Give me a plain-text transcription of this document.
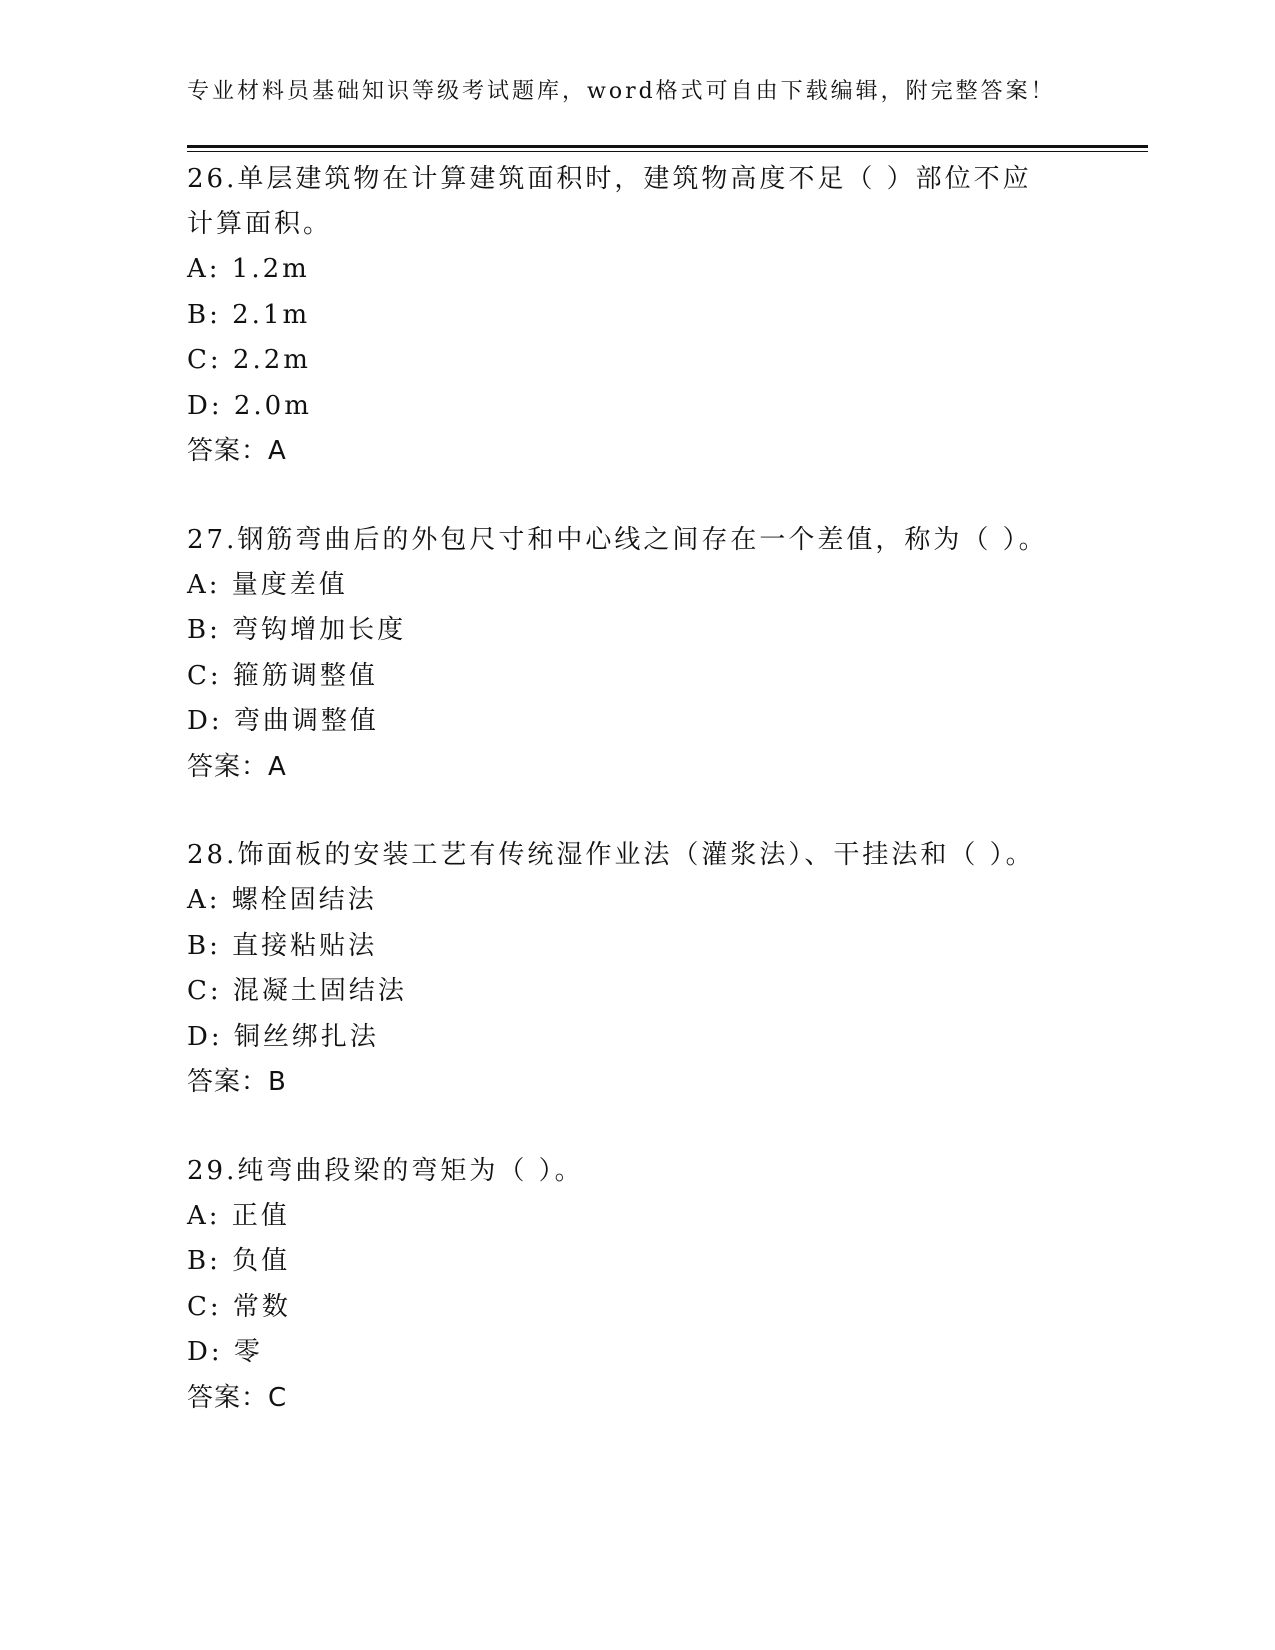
专业材料员基础知识等级考试题库，word格式可自由下载编辑，附完整答案！
26.单层建筑物在计算建筑面积时，建筑物高度不足（ ）部位不应计算面积。
A: 1.2m
B: 2.1m
C: 2.2m
D: 2.0m
答案：A
27.钢筋弯曲后的外包尺寸和中心线之间存在一个差值，称为（ ）。
A: 量度差值
B: 弯钩增加长度
C: 箍筋调整值
D: 弯曲调整值
答案：A
28.饰面板的安装工艺有传统湿作业法（灌浆法）、干挂法和（ ）。
A: 螺栓固结法
B: 直接粘贴法
C: 混凝土固结法
D: 铜丝绑扎法
答案：B
29.纯弯曲段梁的弯矩为（ ）。
A: 正值
B: 负值
C: 常数
D: 零
答案：C
